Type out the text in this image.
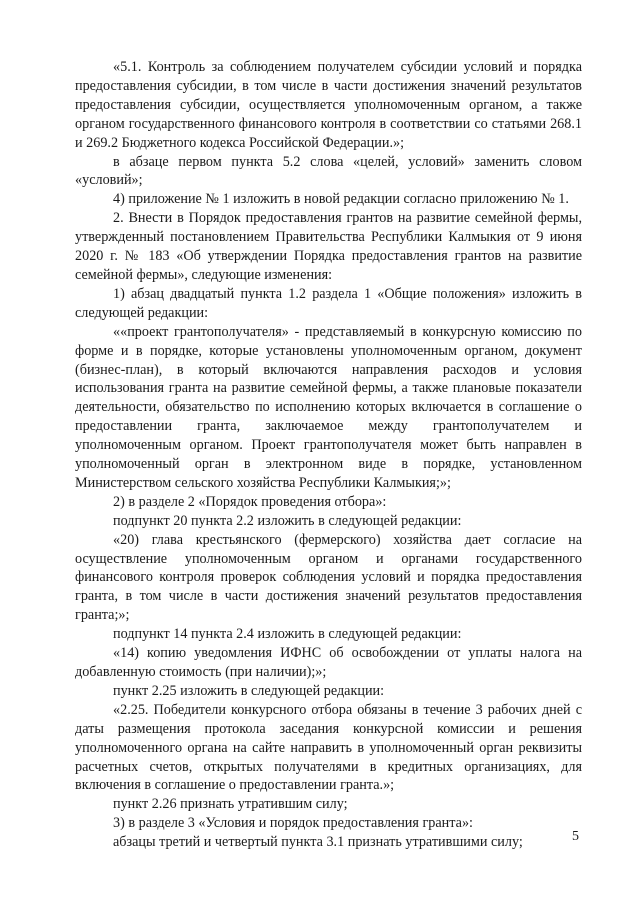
«5.1. Контроль за соблюдением получателем субсидии условий и порядка предоставления субсидии, в том числе в части достижения значений результатов предоставления субсидии, осуществляется уполномоченным органом, а также органом государственного финансового контроля в соответствии со статьями 268.1 и 269.2 Бюджетного кодекса Российской Федерации.»;

в абзаце первом пункта 5.2 слова «целей, условий» заменить словом «условий»;

4) приложение № 1 изложить в новой редакции согласно приложению № 1.

2. Внести в Порядок предоставления грантов на развитие семейной фермы, утвержденный постановлением Правительства Республики Калмыкия от 9 июня 2020 г. № 183 «Об утверждении Порядка предоставления грантов на развитие семейной фермы», следующие изменения:

1) абзац двадцатый пункта 1.2 раздела 1 «Общие положения» изложить в следующей редакции:

««проект грантополучателя» - представляемый в конкурсную комиссию по форме и в порядке, которые установлены уполномоченным органом, документ (бизнес-план), в который включаются направления расходов и условия использования гранта на развитие семейной фермы, а также плановые показатели деятельности, обязательство по исполнению которых включается в соглашение о предоставлении гранта, заключаемое между грантополучателем и уполномоченным органом. Проект грантополучателя может быть направлен в уполномоченный орган в электронном виде в порядке, установленном Министерством сельского хозяйства Республики Калмыкия;»;

2) в разделе 2 «Порядок проведения отбора»:

подпункт 20 пункта 2.2 изложить в следующей редакции:

«20) глава крестьянского (фермерского) хозяйства дает согласие на осуществление уполномоченным органом и органами государственного финансового контроля проверок соблюдения условий и порядка предоставления гранта, в том числе в части достижения значений результатов предоставления гранта;»;

подпункт 14 пункта 2.4 изложить в следующей редакции:

«14) копию уведомления ИФНС об освобождении от уплаты налога на добавленную стоимость (при наличии);»;

пункт 2.25 изложить в следующей редакции:

«2.25. Победители конкурсного отбора обязаны в течение 3 рабочих дней с даты размещения протокола заседания конкурсной комиссии и решения уполномоченного органа на сайте направить в уполномоченный орган реквизиты расчетных счетов, открытых получателями в кредитных организациях, для включения в соглашение о предоставлении гранта.»;

пункт 2.26 признать утратившим силу;

3) в разделе 3 «Условия и порядок предоставления гранта»:

абзацы третий и четвертый пункта 3.1 признать утратившими силу;	5
